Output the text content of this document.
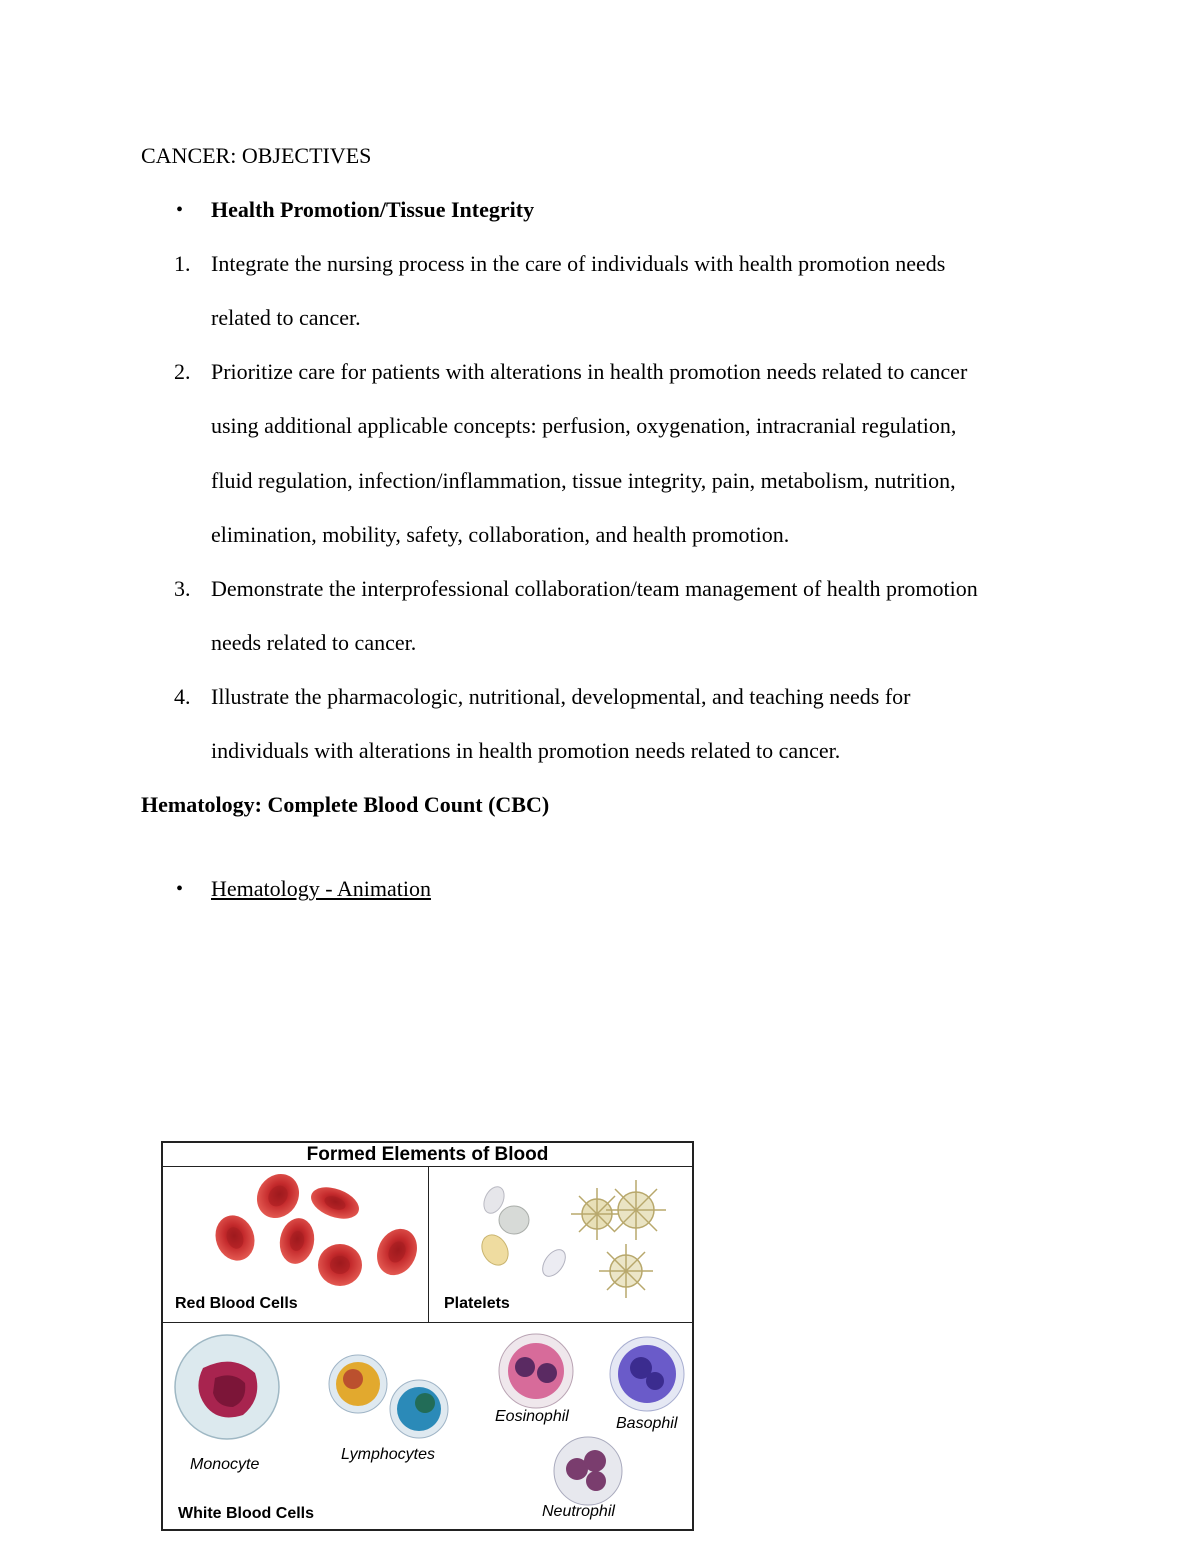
CANCER: OBJECTIVES
• Health Promotion/Tissue Integrity
1. Integrate the nursing process in the care of individuals with health promotion needs
related to cancer.
2. Prioritize care for patients with alterations in health promotion needs related to cancer
using additional applicable concepts: perfusion, oxygenation, intracranial regulation,
fluid regulation, infection/inflammation, tissue integrity, pain, metabolism, nutrition,
elimination, mobility, safety, collaboration, and health promotion.
3. Demonstrate the interprofessional collaboration/team management of health promotion
needs related to cancer.
4. Illustrate the pharmacologic, nutritional, developmental, and teaching needs for
individuals with alterations in health promotion needs related to cancer.
Hematology: Complete Blood Count (CBC)
• Hematology - Animation
Formed Elements of Blood
Red Blood Cells	Platelets
Monocyte
Lymphocytes
Eosinophil	Basophil
Neutrophil
White Blood Cells
